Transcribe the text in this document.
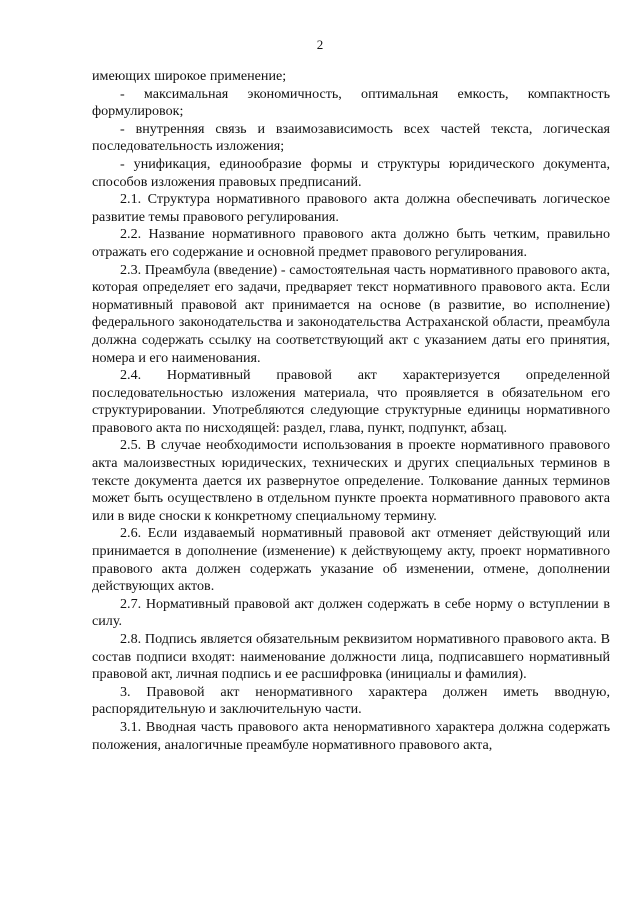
2

имеющих широкое применение;

- максимальная экономичность, оптимальная емкость, компактность формулировок;

- внутренняя связь и взаимозависимость всех частей текста, логическая последовательность изложения;

- унификация, единообразие формы и структуры юридического документа, способов изложения правовых предписаний.

2.1. Структура нормативного правового акта должна обеспечивать логическое развитие темы правового регулирования.

2.2. Название нормативного правового акта должно быть четким, правильно отражать его содержание и основной предмет правового регулирования.

2.3. Преамбула (введение) - самостоятельная часть нормативного правового акта, которая определяет его задачи, предваряет текст нормативного правового акта. Если нормативный правовой акт принимается на основе (в развитие, во исполнение) федерального законодательства и законодательства Астраханской области, преамбула должна содержать ссылку на соответствующий акт с указанием даты его принятия, номера и его наименования.

2.4. Нормативный правовой акт характеризуется определенной последовательностью изложения материала, что проявляется в обязательном его структурировании. Употребляются следующие структурные единицы нормативного правового акта по нисходящей: раздел, глава, пункт, подпункт, абзац.

2.5. В случае необходимости использования в проекте нормативного правового акта малоизвестных юридических, технических и других специальных терминов в тексте документа дается их развернутое определение. Толкование данных терминов может быть осуществлено в отдельном пункте проекта нормативного правового акта или в виде сноски к конкретному специальному термину.

2.6. Если издаваемый нормативный правовой акт отменяет действующий или принимается в дополнение (изменение) к действующему акту, проект нормативного правового акта должен содержать указание об изменении, отмене, дополнении действующих актов.

2.7. Нормативный правовой акт должен содержать в себе норму о вступлении в силу.

2.8. Подпись является обязательным реквизитом нормативного правового акта. В состав подписи входят: наименование должности лица, подписавшего нормативный правовой акт, личная подпись и ее расшифровка (инициалы и фамилия).

3. Правовой акт ненормативного характера должен иметь вводную, распорядительную и заключительную части.

3.1. Вводная часть правового акта ненормативного характера должна содержать положения, аналогичные преамбуле нормативного правового акта,
